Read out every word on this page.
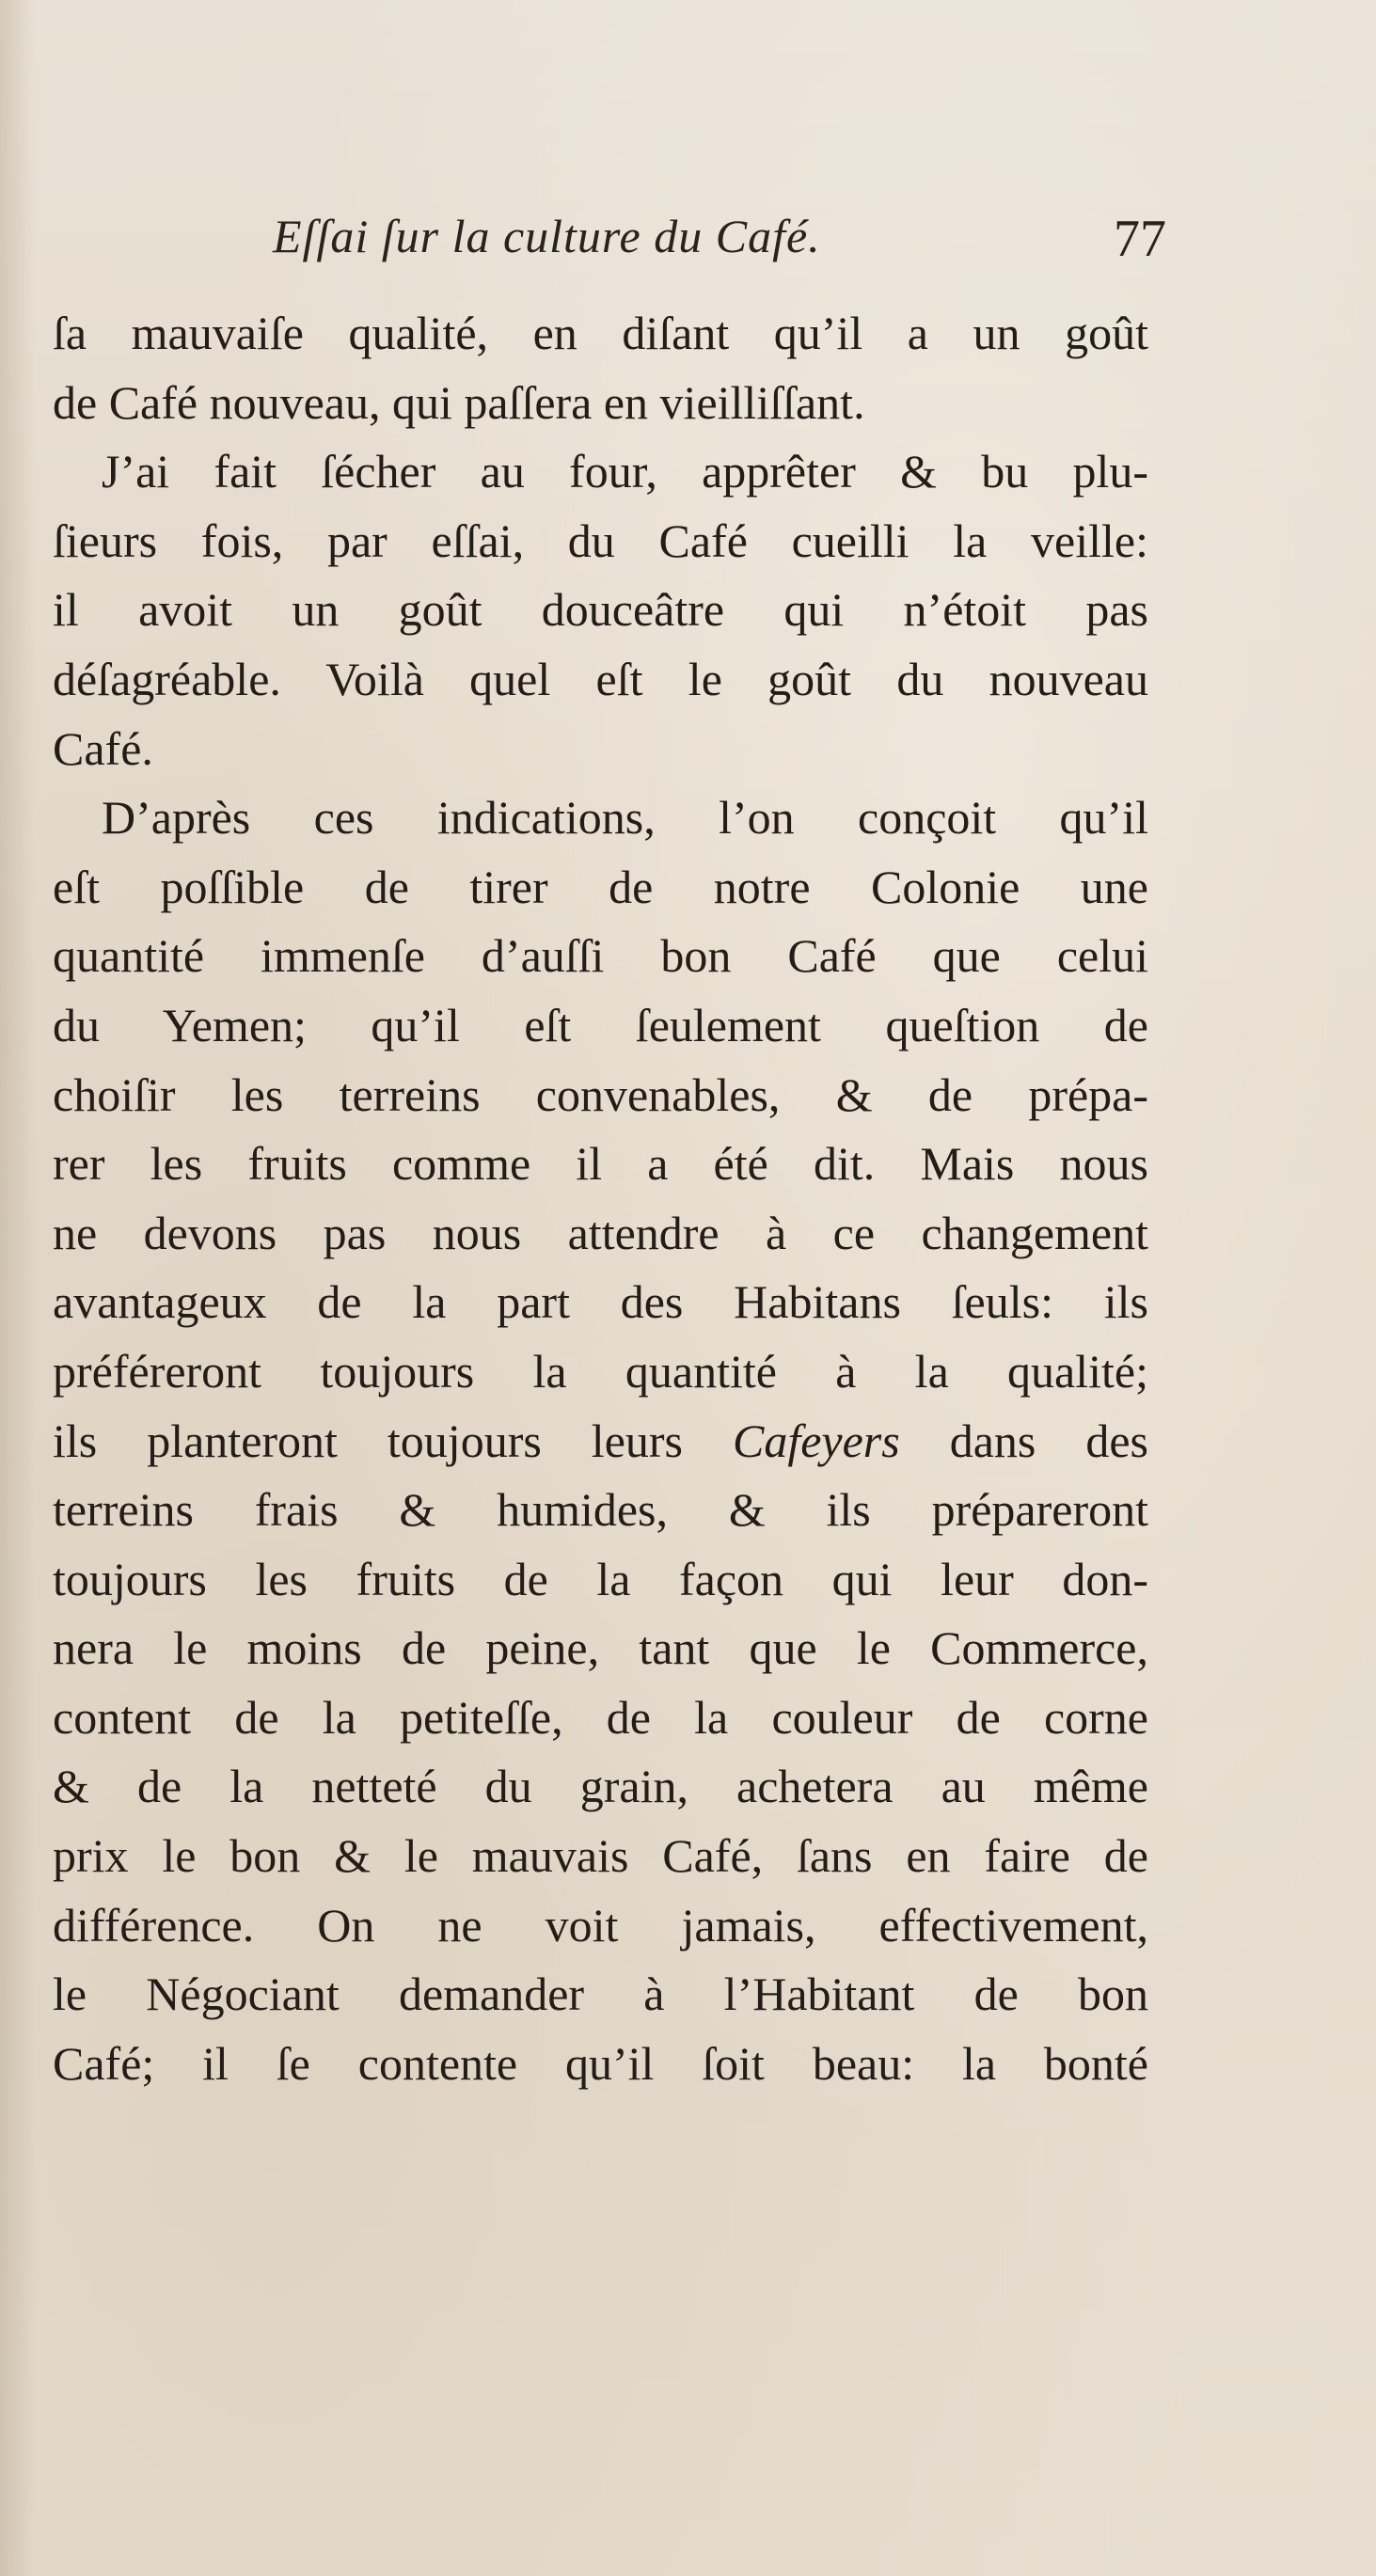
Eſſai ſur la culture du Café.	77
ſa mauvaiſe qualité, en diſant qu’il a un goût
de Café nouveau, qui paſſera en vieilliſſant.
J’ai fait ſécher au four, apprêter & bu plu-
ſieurs fois, par eſſai, du Café cueilli la veille:
il avoit un goût douceâtre qui n’étoit pas
déſagréable. Voilà quel eſt le goût du nouveau
Café.
D’après ces indications, l’on conçoit qu’il
eſt poſſible de tirer de notre Colonie une
quantité immenſe d’auſſi bon Café que celui
du Yemen; qu’il eſt ſeulement queſtion de
choiſir les terreins convenables, & de prépa-
rer les fruits comme il a été dit. Mais nous
ne devons pas nous attendre à ce changement
avantageux de la part des Habitans ſeuls: ils
préféreront toujours la quantité à la qualité;
ils planteront toujours leurs Cafeyers dans des
terreins frais & humides, & ils prépareront
toujours les fruits de la façon qui leur don-
nera le moins de peine, tant que le Commerce,
content de la petiteſſe, de la couleur de corne
& de la netteté du grain, achetera au même
prix le bon & le mauvais Café, ſans en faire de
différence. On ne voit jamais, effectivement,
le Négociant demander à l’Habitant de bon
Café; il ſe contente qu’il ſoit beau: la bonté
